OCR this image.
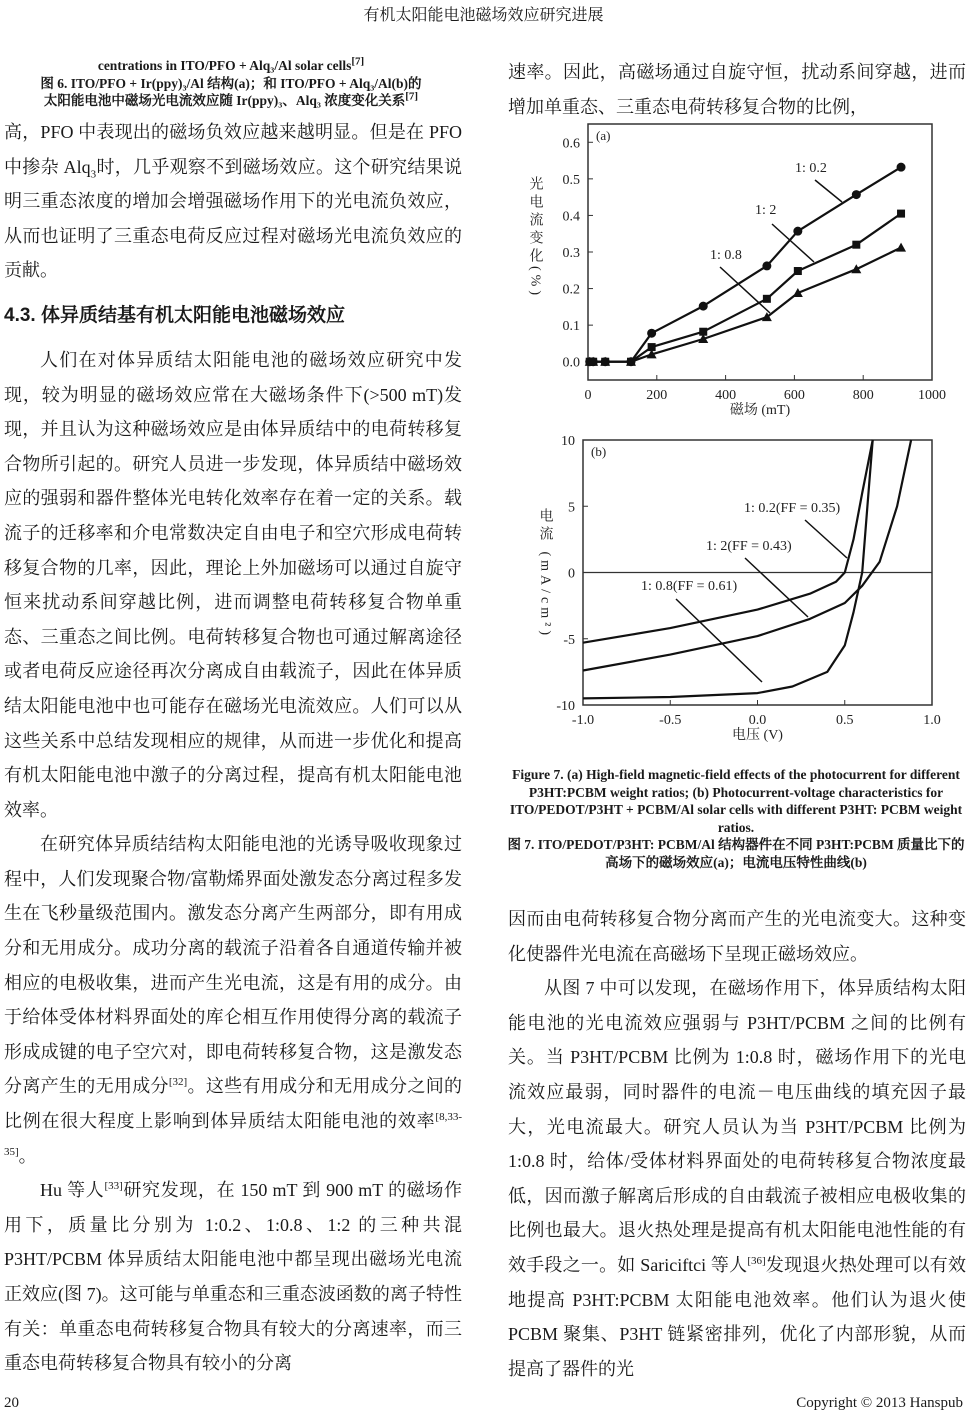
有机太阳能电池磁场效应研究进展
centrations in ITO/PFO + Alq₃/Al solar cells[7]
图 6. ITO/PFO + Ir(ppy)₃/Al 结构(a)；和 ITO/PFO + Alq₃/Al(b)的
太阳能电池中磁场光电流效应随 Ir(ppy)₃、Alq₃ 浓度变化关系[7]

高，PFO 中表现出的磁场负效应越来越明显。但是在 PFO 中掺杂 Alq$_3$时，几乎观察不到磁场效应。这个研究结果说明三重态浓度的增加会增强磁场作用下的光电流负效应，从而也证明了三重态电荷反应过程对磁场光电流负效应的贡献。

4.3. 体异质结基有机太阳能电池磁场效应

人们在对体异质结太阳能电池的磁场效应研究中发现，较为明显的磁场效应常在大磁场条件下(>500 mT)发现，并且认为这种磁场效应是由体异质结中的电荷转移复合物所引起的。研究人员进一步发现，体异质结中磁场效应的强弱和器件整体光电转化效率存在着一定的关系。载流子的迁移率和介电常数决定自由电子和空穴形成电荷转移复合物的几率，因此，理论上外加磁场可以通过自旋守恒来扰动系间穿越比例，进而调整电荷转移复合物单重态、三重态之间比例。电荷转移复合物也可通过解离途径或者电荷反应途径再次分离成自由载流子，因此在体异质结太阳能电池中也可能存在磁场光电流效应。人们可以从这些关系中总结发现相应的规律，从而进一步优化和提高有机太阳能电池中激子的分离过程，提高有机太阳能电池效率。

在研究体异质结结构太阳能电池的光诱导吸收现象过程中，人们发现聚合物/富勒烯界面处激发态分离过程多发生在飞秒量级范围内。激发态分离产生两部分，即有用成分和无用成分。成功分离的载流子沿着各自通道传输并被相应的电极收集，进而产生光电流，这是有用的成分。由于给体受体材料界面处的库仑相互作用使得分离的载流子形成成键的电子空穴对，即电荷转移复合物，这是激发态分离产生的无用成分[32]。这些有用成分和无用成分之间的比例在很大程度上影响到体异质结太阳能电池的效率[8,33-35]。

Hu 等人[33]研究发现，在 150 mT 到 900 mT 的磁场作用下，质量比分别为 1:0.2、1:0.8、1:2 的三种共混 P3HT/PCBM 体异质结太阳能电池中都呈现出磁场光电流正效应(图 7)。这可能与单重态和三重态波函数的离子特性有关：单重态电荷转移复合物具有较大的分离速率，而三重态电荷转移复合物具有较小的分离

速率。因此，高磁场通过自旋守恒，扰动系间穿越，进而增加单重态、三重态电荷转移复合物的比例，

0	200	400	600	800	1000
0.0
0.1
0.2
0.3
0.4
0.5
0.6
(a)
磁场 (mT)
光电流变化(%)
1: 0.2
1: 2
1: 0.8
-1.0	-0.5	0.0	0.5	1.0
-10
-5
0
5
10
(b)
电压 (V)
电流 (mA/cm²)	1: 0.2(FF = 0.35)
1: 2(FF = 0.43)
1: 0.8(FF = 0.61)
Figure 7. (a) High-field magnetic-field effects of the photocurrent for different P3HT:PCBM weight ratios; (b) Photocurrent-voltage characteristics for ITO/PEDOT/P3HT + PCBM/Al solar cells with different P3HT: PCBM weight ratios.
图 7. ITO/PEDOT/P3HT: PCBM/Al 结构器件在不同 P3HT:PCBM 质量比下的高场下的磁场效应(a)；电流电压特性曲线(b)

因而由电荷转移复合物分离而产生的光电流变大。这种变化使器件光电流在高磁场下呈现正磁场效应。

从图 7 中可以发现，在磁场作用下，体异质结构太阳能电池的光电流效应强弱与 P3HT/PCBM 之间的比例有关。当 P3HT/PCBM 比例为 1:0.8 时，磁场作用下的光电流效应最弱，同时器件的电流－电压曲线的填充因子最大，光电流最大。研究人员认为当 P3HT/PCBM 比例为 1:0.8 时，给体/受体材料界面处的电荷转移复合物浓度最低，因而激子解离后形成的自由载流子被相应电极收集的比例也最大。退火热处理是提高有机太阳能电池性能的有效手段之一。如 Sariciftci 等人[36]发现退火热处理可以有效地提高 P3HT:PCBM 太阳能电池效率。他们认为退火使 PCBM 聚集、P3HT 链紧密排列，优化了内部形貌，从而提高了器件的光

20	Copyright © 2013 Hanspub
